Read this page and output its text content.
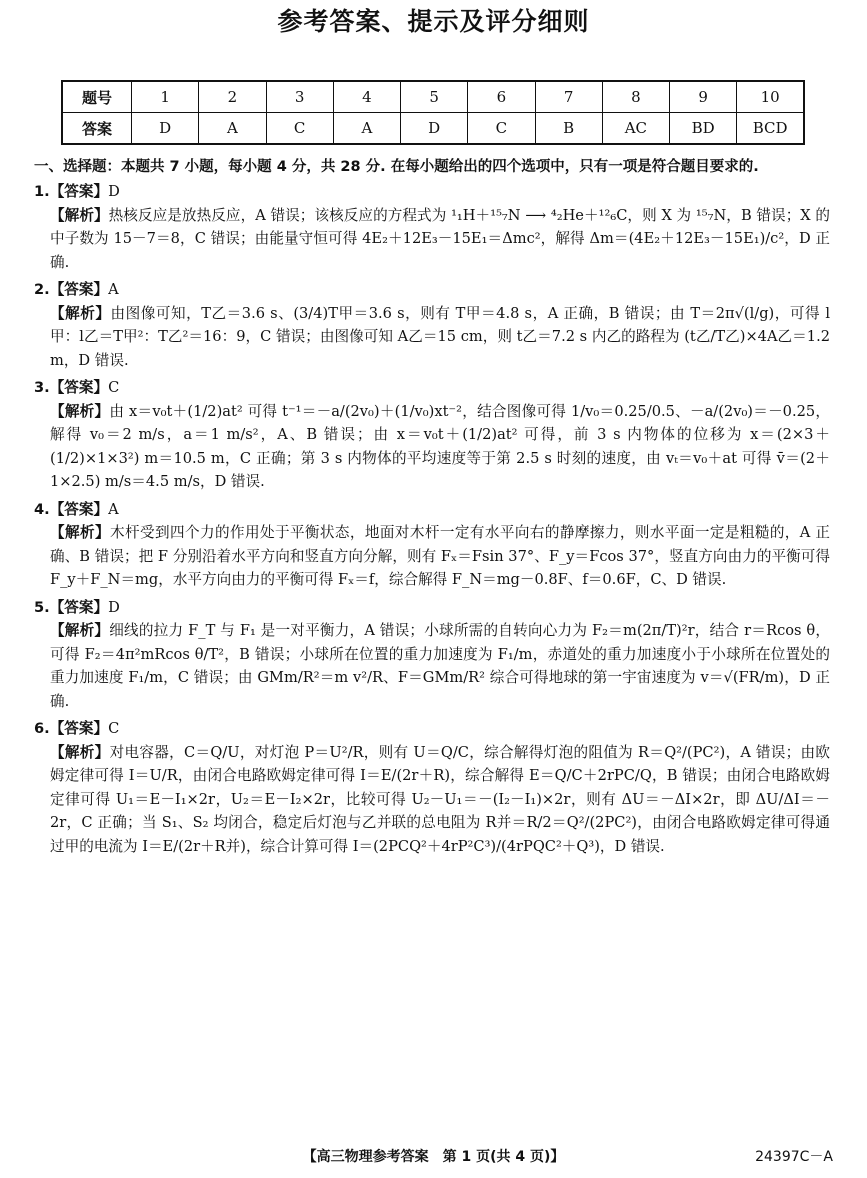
参考答案、提示及评分细则
题号	1	2	3	4	5	6	7	8	9	10
答案	D	A	C	A	D	C	B	AC	BD	BCD
一、选择题：本题共 7 小题，每小题 4 分，共 28 分. 在每小题给出的四个选项中，只有一项是符合题目要求的.
1.【答案】D
【解析】热核反应是放热反应，A 错误；该核反应的方程式为 ¹₁H＋¹⁵₇N ⟶ ⁴₂He＋¹²₆C，则 X 为 ¹⁵₇N，B 错误；X 的中子数为 15－7＝8，C 错误；由能量守恒可得 4E₂＋12E₃－15E₁＝Δmc²，解得 Δm＝(4E₂＋12E₃－15E₁)/c²，D 正确.
2.【答案】A
【解析】由图像可知，T乙＝3.6 s、(3/4)T甲＝3.6 s，则有 T甲＝4.8 s，A 正确，B 错误；由 T＝2π√(l/g)，可得 l甲：l乙＝T甲²：T乙²＝16：9，C 错误；由图像可知 A乙＝15 cm，则 t乙＝7.2 s 内乙的路程为 (t乙/T乙)×4A乙＝1.2 m，D 错误.
3.【答案】C
【解析】由 x＝v₀t＋(1/2)at² 可得 t⁻¹＝－a/(2v₀)＋(1/v₀)xt⁻²，结合图像可得 1/v₀＝0.25/0.5、－a/(2v₀)＝－0.25，解得 v₀＝2 m/s，a＝1 m/s²，A、B 错误；由 x＝v₀t＋(1/2)at² 可得，前 3 s 内物体的位移为 x＝(2×3＋(1/2)×1×3²) m＝10.5 m，C 正确；第 3 s 内物体的平均速度等于第 2.5 s 时刻的速度，由 vₜ＝v₀＋at 可得 v̄＝(2＋1×2.5) m/s＝4.5 m/s，D 错误.
4.【答案】A
【解析】木杆受到四个力的作用处于平衡状态，地面对木杆一定有水平向右的静摩擦力，则水平面一定是粗糙的，A 正确、B 错误；把 F 分别沿着水平方向和竖直方向分解，则有 Fₓ＝Fsin 37°、F_y＝Fcos 37°，竖直方向由力的平衡可得 F_y＋F_N＝mg，水平方向由力的平衡可得 Fₓ＝f，综合解得 F_N＝mg－0.8F、f＝0.6F，C、D 错误.
5.【答案】D
【解析】细线的拉力 F_T 与 F₁ 是一对平衡力，A 错误；小球所需的自转向心力为 F₂＝m(2π/T)²r，结合 r＝Rcos θ，可得 F₂＝4π²mRcos θ/T²，B 错误；小球所在位置的重力加速度为 F₁/m，赤道处的重力加速度小于小球所在位置处的重力加速度 F₁/m，C 错误；由 GMm/R²＝m v²/R、F＝GMm/R² 综合可得地球的第一宇宙速度为 v＝√(FR/m)，D 正确.
6.【答案】C
【解析】对电容器，C＝Q/U，对灯泡 P＝U²/R，则有 U＝Q/C，综合解得灯泡的阻值为 R＝Q²/(PC²)，A 错误；由欧姆定律可得 I＝U/R，由闭合电路欧姆定律可得 I＝E/(2r＋R)，综合解得 E＝Q/C＋2rPC/Q，B 错误；由闭合电路欧姆定律可得 U₁＝E－I₁×2r，U₂＝E－I₂×2r，比较可得 U₂－U₁＝－(I₂－I₁)×2r，则有 ΔU＝－ΔI×2r，即 ΔU/ΔI＝－2r，C 正确；当 S₁、S₂ 均闭合，稳定后灯泡与乙并联的总电阻为 R并＝R/2＝Q²/(2PC²)，由闭合电路欧姆定律可得通过甲的电流为 I＝E/(2r＋R并)，综合计算可得 I＝(2PCQ²＋4rP²C³)/(4rPQC²＋Q³)，D 错误.
【高三物理参考答案　第 1 页(共 4 页)】	24397C－A
